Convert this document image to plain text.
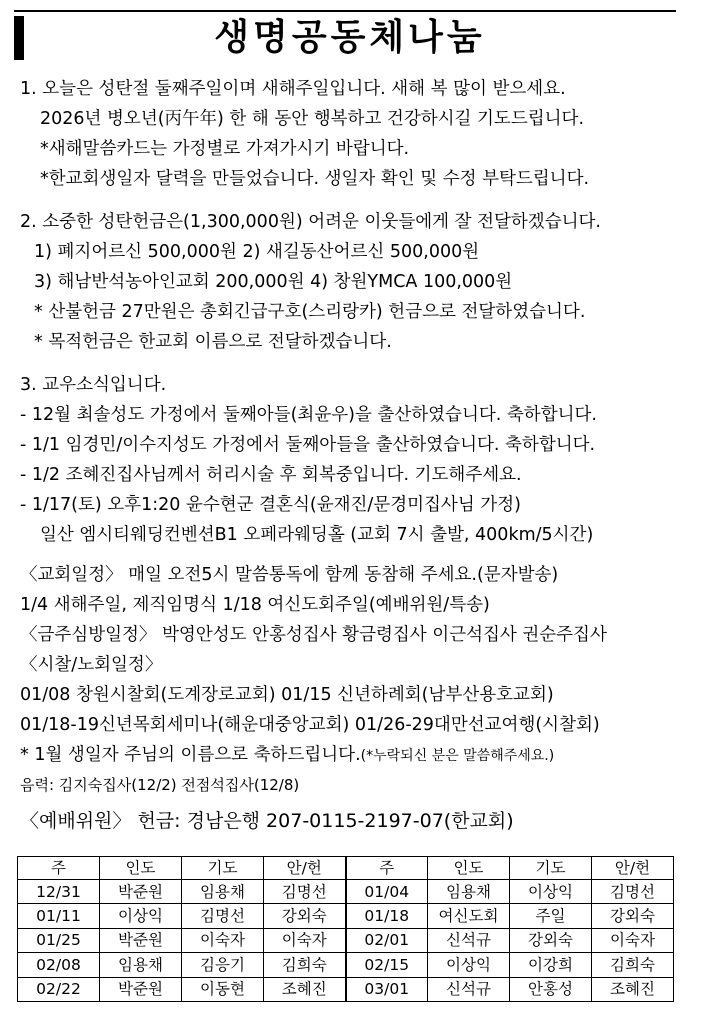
생명공동체나눔
1. 오늘은 성탄절 둘째주일이며 새해주일입니다. 새해 복 많이 받으세요.
2026년 병오년(丙午年) 한 해 동안 행복하고 건강하시길 기도드립니다.
*새해말씀카드는 가정별로 가져가시기 바랍니다.
*한교회생일자 달력을 만들었습니다. 생일자 확인 및 수정 부탁드립니다.
2. 소중한 성탄헌금은(1,300,000원) 어려운 이웃들에게 잘 전달하겠습니다.
1) 폐지어르신 500,000원 2) 새길동산어르신 500,000원
3) 해남반석농아인교회 200,000원 4) 창원YMCA 100,000원
* 산불헌금 27만원은 총회긴급구호(스리랑카) 헌금으로 전달하였습니다.
* 목적헌금은 한교회 이름으로 전달하겠습니다.
3. 교우소식입니다.
- 12월 최솔성도 가정에서 둘째아들(최윤우)을 출산하였습니다. 축하합니다.
- 1/1 임경민/이수지성도 가정에서 둘째아들을 출산하였습니다. 축하합니다.
- 1/2 조혜진집사님께서 허리시술 후 회복중입니다. 기도해주세요.
- 1/17(토) 오후1:20 윤수현군 결혼식(윤재진/문경미집사님 가정)
일산 엠시티웨딩컨벤션B1 오페라웨딩홀 (교회 7시 출발, 400km/5시간)
〈교회일정〉 매일 오전5시 말씀통독에 함께 동참해 주세요.(문자발송)
1/4 새해주일, 제직임명식 1/18 여신도회주일(예배위원/특송)
〈금주심방일정〉 박영안성도 안홍성집사 황금령집사 이근석집사 권순주집사
〈시찰/노회일정〉
01/08 창원시찰회(도계장로교회) 01/15 신년하례회(남부산용호교회)
01/18-19신년목회세미나(해운대중앙교회) 01/26-29대만선교여행(시찰회)
* 1월 생일자 주님의 이름으로 축하드립니다.(*누락되신 분은 말씀해주세요.)
음력: 김지숙집사(12/2) 전점석집사(12/8)
〈예배위원〉 헌금: 경남은행 207-0115-2197-07(한교회)
주	인도	기도	안/헌	주	인도	기도	안/헌
12/31	박준원	임용채	김명선	01/04	임용채	이상익	김명선
01/11	이상익	김명선	강외숙	01/18	여신도회	주일	강외숙
01/25	박준원	이숙자	이숙자	02/01	신석규	강외숙	이숙자
02/08	임용채	김응기	김희숙	02/15	이상익	이강희	김희숙
02/22	박준원	이동현	조혜진	03/01	신석규	안홍성	조혜진
